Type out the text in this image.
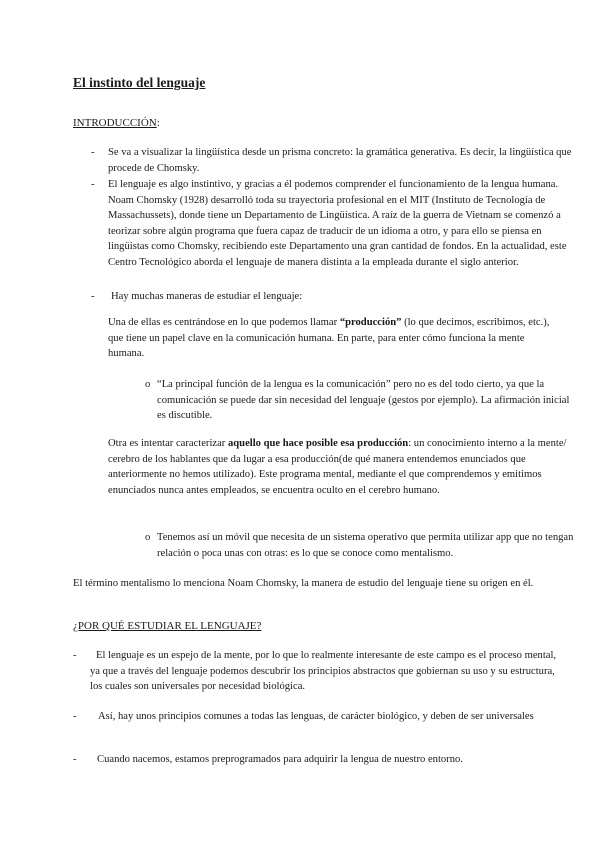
El instinto del lenguaje

INTRODUCCIÓN:

- Se va a visualizar la lingüística desde un prisma concreto: la gramática generativa. Es decir, la lingüística que procede de Chomsky.

- El lenguaje es algo instintivo, y gracias a él podemos comprender el funcionamiento de la lengua humana. Noam Chomsky (1928) desarrolló toda su trayectoria profesional en el MIT (Instituto de Tecnología de Massachussets), donde tiene un Departamento de Lingüística. A raíz de la guerra de Vietnam se comenzó a teorizar sobre algún programa que fuera capaz de traducir de un idioma a otro, y para ello se piensa en lingüistas como Chomsky, recibiendo este Departamento una gran cantidad de fondos. En la actualidad, este Centro Tecnológico aborda el lenguaje de manera distinta a la empleada durante el siglo anterior.

- Hay muchas maneras de estudiar el lenguaje:

Una de ellas es centrándose en lo que podemos llamar “producción” (lo que decimos, escribimos, etc.), que tiene un papel clave en la comunicación humana. En parte, para enter cómo funciona la mente humana.

o “La principal función de la lengua es la comunicación” pero no es del todo cierto, ya que la comunicación se puede dar sin necesidad del lenguaje (gestos por ejemplo). La afirmación inicial es discutible.

Otra es intentar caracterizar aquello que hace posible esa producción: un conocimiento interno a la mente/ cerebro de los hablantes que da lugar a esa producción(de qué manera entendemos enunciados que anteriormente no hemos utilizado). Este programa mental, mediante el que comprendemos y emitimos enunciados nunca antes empleados, se encuentra oculto en el cerebro humano.

o Tenemos así un móvil que necesita de un sistema operativo que permita utilizar app que no tengan relación o poca unas con otras: es lo que se conoce como mentalismo.

El término mentalismo lo menciona Noam Chomsky, la manera de estudio del lenguaje tiene su origen en él.

¿POR QUÉ ESTUDIAR EL LENGUAJE?

-	El lenguaje es un espejo de la mente, por lo que lo realmente interesante de este campo es el proceso mental, ya que a través del lenguaje podemos descubrir los principios abstractos que gobiernan su uso y su estructura, los cuales son universales por necesidad biológica.

-	Así, hay unos principios comunes a todas las lenguas, de carácter biológico, y deben de ser universales

- Cuando nacemos, estamos preprogramados para adquirir la lengua de nuestro entorno.
